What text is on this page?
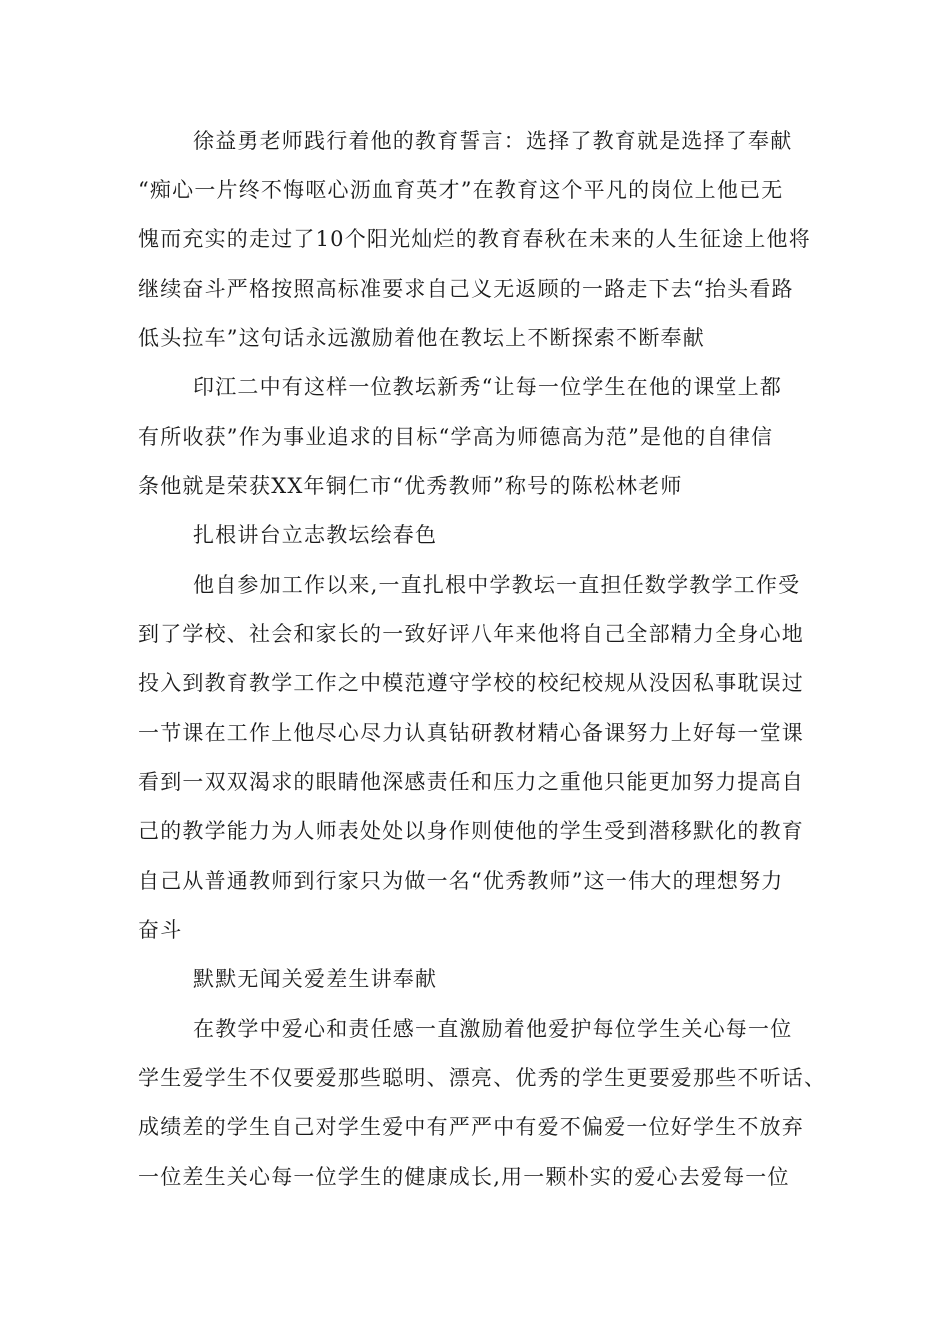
徐益勇老师践行着他的教育誓言：选择了教育就是选择了奉献

“痴心一片终不悔呕心沥血育英才”在教育这个平凡的岗位上他已无

愧而充实的走过了10个阳光灿烂的教育春秋在未来的人生征途上他将

继续奋斗严格按照高标准要求自己义无返顾的一路走下去“抬头看路

低头拉车”这句话永远激励着他在教坛上不断探索不断奉献

印江二中有这样一位教坛新秀“让每一位学生在他的课堂上都

有所收获”作为事业追求的目标“学高为师德高为范”是他的自律信

条他就是荣获XX年铜仁市“优秀教师”称号的陈松林老师

扎根讲台立志教坛绘春色

他自参加工作以来,一直扎根中学教坛一直担任数学教学工作受

到了学校、社会和家长的一致好评八年来他将自己全部精力全身心地

投入到教育教学工作之中模范遵守学校的校纪校规从没因私事耽误过

一节课在工作上他尽心尽力认真钻研教材精心备课努力上好每一堂课

看到一双双渴求的眼睛他深感责任和压力之重他只能更加努力提高自

己的教学能力为人师表处处以身作则使他的学生受到潜移默化的教育

自己从普通教师到行家只为做一名“优秀教师”这一伟大的理想努力

奋斗

默默无闻关爱差生讲奉献

在教学中爱心和责任感一直激励着他爱护每位学生关心每一位

学生爱学生不仅要爱那些聪明、漂亮、优秀的学生更要爱那些不听话、

成绩差的学生自己对学生爱中有严严中有爱不偏爱一位好学生不放弃

一位差生关心每一位学生的健康成长,用一颗朴实的爱心去爱每一位
